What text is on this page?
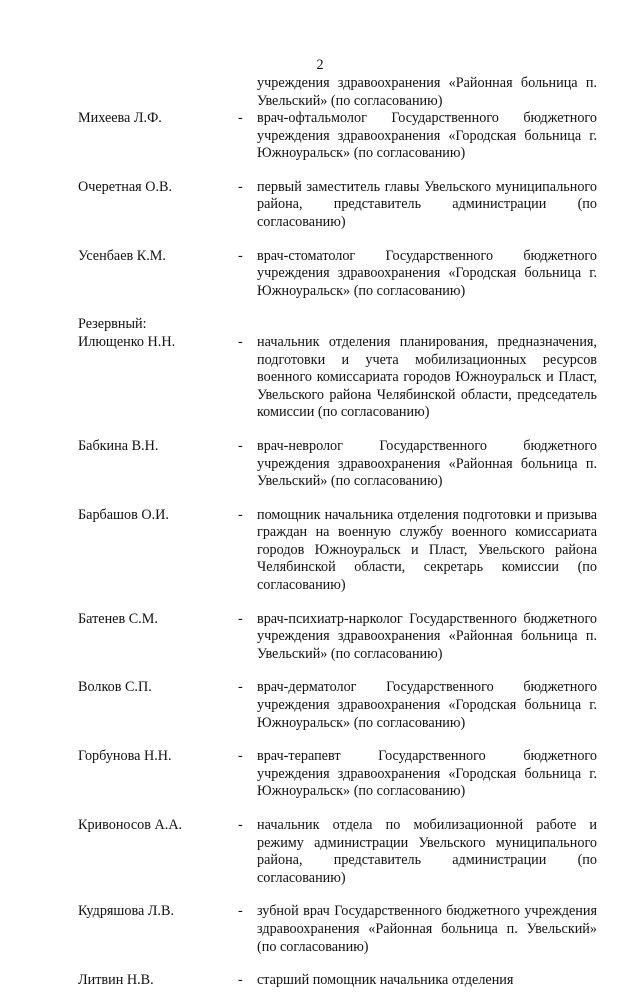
2
учреждения здравоохранения «Районная больница п. Увельский» (по согласованию)
Михеева Л.Ф.	- врач-офтальмолог Государственного бюджетного учреждения здравоохранения «Городская больница г. Южноуральск» (по согласованию)
Очеретная О.В.	- первый заместитель главы Увельского муниципального района, представитель администрации (по согласованию)
Усенбаев К.М.	- врач-стоматолог Государственного бюджетного учреждения здравоохранения «Городская больница г. Южноуральск» (по согласованию)
Резервный:
Илющенко Н.Н.	- начальник отделения планирования, предназначения, подготовки и учета мобилизационных ресурсов военного комиссариата городов Южноуральск и Пласт, Увельского района Челябинской области, председатель комиссии (по согласованию)
Бабкина В.Н.	- врач-невролог Государственного бюджетного учреждения здравоохранения «Районная больница п. Увельский» (по согласованию)
Барбашов О.И.	- помощник начальника отделения подготовки и призыва граждан на военную службу военного комиссариата городов Южноуральск и Пласт, Увельского района Челябинской области, секретарь комиссии (по согласованию)
Батенев С.М.	- врач-психиатр-нарколог Государственного бюджетного учреждения здравоохранения «Районная больница п. Увельский» (по согласованию)
Волков С.П.	- врач-дерматолог Государственного бюджетного учреждения здравоохранения «Городская больница г. Южноуральск» (по согласованию)
Горбунова Н.Н.	- врач-терапевт Государственного бюджетного учреждения здравоохранения «Городская больница г. Южноуральск» (по согласованию)
Кривоносов А.А.	- начальник отдела по мобилизационной работе и режиму администрации Увельского муниципального района, представитель администрации (по согласованию)
Кудряшова Л.В.	- зубной врач Государственного бюджетного учреждения здравоохранения «Районная больница п. Увельский» (по согласованию)
Литвин Н.В.	- старший помощник начальника отделения
